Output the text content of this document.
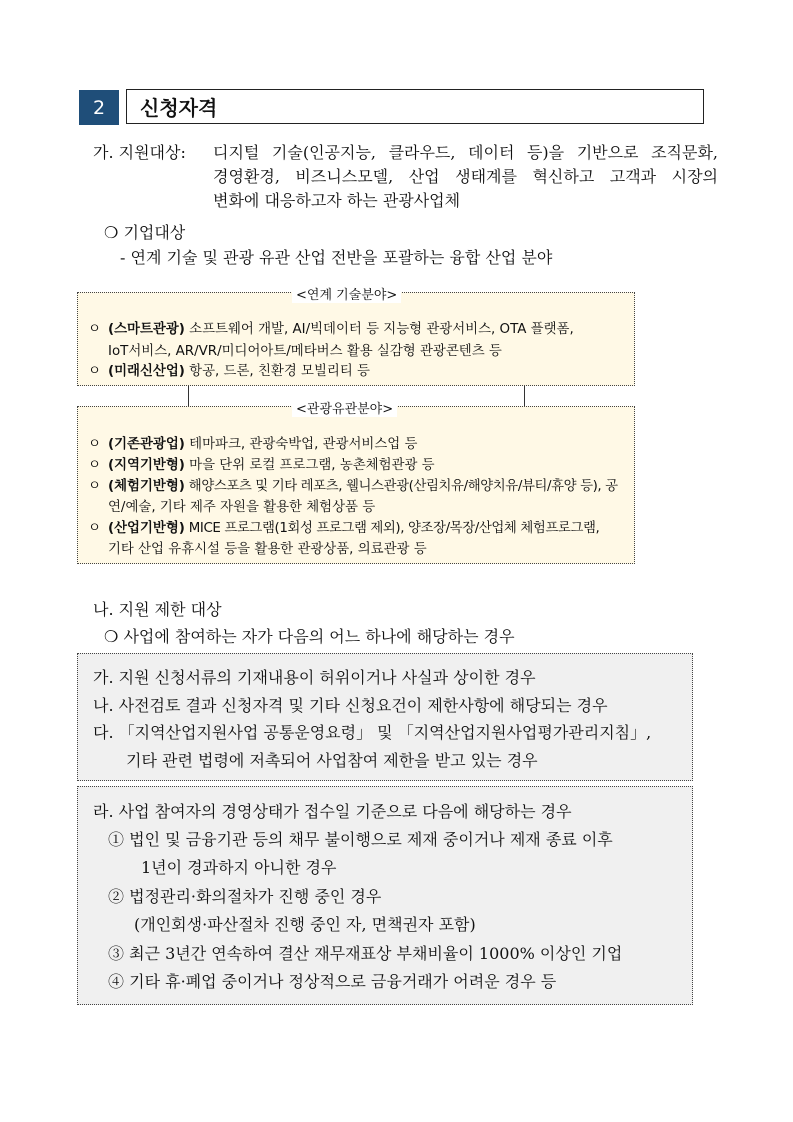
2	신청자격
가. 지원대상: 디지털 기술(인공지능, 클라우드, 데이터 등)을 기반으로 조직문화,
경영환경, 비즈니스모델, 산업 생태계를 혁신하고 고객과 시장의
변화에 대응하고자 하는 관광사업체
❍ 기업대상
- 연계 기술 및 관광 유관 산업 전반을 포괄하는 융합 산업 분야
<연계 기술분야>
ㅇ (스마트관광) 소프트웨어 개발, AI/빅데이터 등 지능형 관광서비스, OTA 플랫폼,
IoT서비스, AR/VR/미디어아트/메타버스 활용 실감형 관광콘텐츠 등
ㅇ (미래신산업) 항공, 드론, 친환경 모빌리티 등
<관광유관분야>
ㅇ (기존관광업) 테마파크, 관광숙박업, 관광서비스업 등
ㅇ (지역기반형) 마을 단위 로컬 프로그램, 농촌체험관광 등
ㅇ (체험기반형) 해양스포츠 및 기타 레포츠, 웰니스관광(산림치유/해양치유/뷰티/휴양 등), 공
연/예술, 기타 제주 자원을 활용한 체험상품 등
ㅇ (산업기반형) MICE 프로그램(1회성 프로그램 제외), 양조장/목장/산업체 체험프로그램,
기타 산업 유휴시설 등을 활용한 관광상품, 의료관광 등
나. 지원 제한 대상
❍ 사업에 참여하는 자가 다음의 어느 하나에 해당하는 경우
가. 지원 신청서류의 기재내용이 허위이거나 사실과 상이한 경우
나. 사전검토 결과 신청자격 및 기타 신청요건이 제한사항에 해당되는 경우
다. 「지역산업지원사업 공통운영요령」 및 「지역산업지원사업평가관리지침」,
기타 관련 법령에 저촉되어 사업참여 제한을 받고 있는 경우
라. 사업 참여자의 경영상태가 접수일 기준으로 다음에 해당하는 경우
① 법인 및 금융기관 등의 채무 불이행으로 제재 중이거나 제재 종료 이후
1년이 경과하지 아니한 경우
② 법정관리·화의절차가 진행 중인 경우
(개인회생·파산절차 진행 중인 자, 면책권자 포함)
③ 최근 3년간 연속하여 결산 재무재표상 부채비율이 1000% 이상인 기업
④ 기타 휴·폐업 중이거나 정상적으로 금융거래가 어려운 경우 등
